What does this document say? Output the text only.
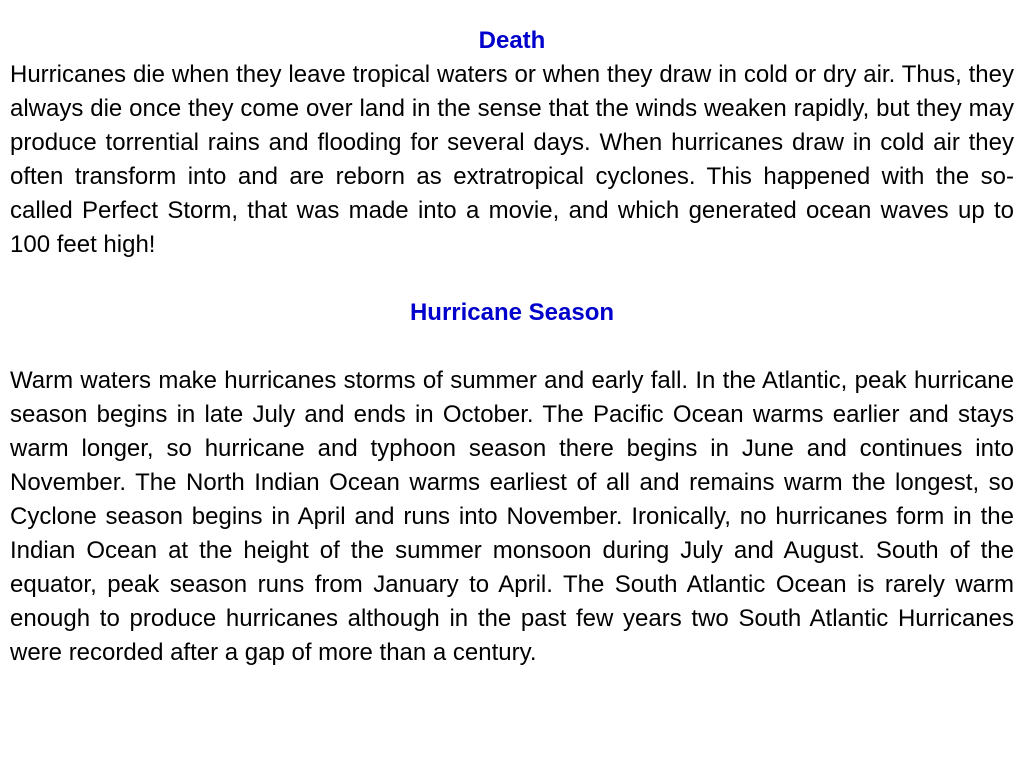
Death

Hurricanes die when they leave tropical waters or when they draw in cold or dry air. Thus, they always die once they come over land in the sense that the winds weaken rapidly, but they may produce torrential rains and flooding for several days. When hurricanes draw in cold air they often transform into and are reborn as extratropical cyclones. This happened with the so-called Perfect Storm, that was made into a movie, and which generated ocean waves up to 100 feet high!

Hurricane Season

Warm waters make hurricanes storms of summer and early fall. In the Atlantic, peak hurricane season begins in late July and ends in October. The Pacific Ocean warms earlier and stays warm longer, so hurricane and typhoon season there begins in June and continues into November. The North Indian Ocean warms earliest of all and remains warm the longest, so Cyclone season begins in April and runs into November. Ironically, no hurricanes form in the Indian Ocean at the height of the summer monsoon during July and August. South of the equator, peak season runs from January to April. The South Atlantic Ocean is rarely warm enough to produce hurricanes although in the past few years two South Atlantic Hurricanes were recorded after a gap of more than a century.
